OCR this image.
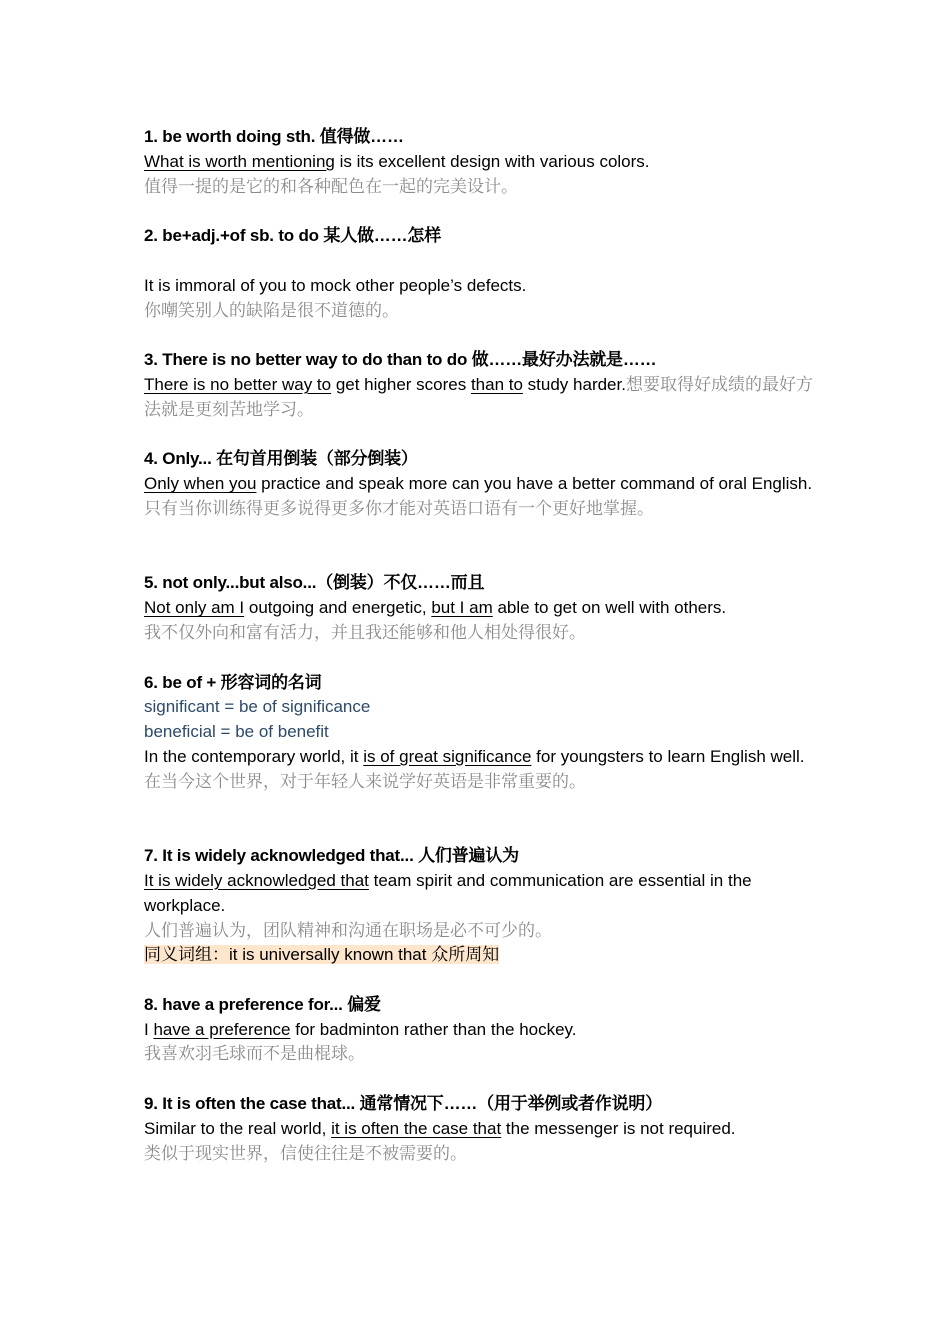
1. be worth doing sth. 值得做……

What is worth mentioning is its excellent design with various colors.

值得一提的是它的和各种配色在一起的完美设计。

2. be+adj.+of sb. to do 某人做……怎样

It is immoral of you to mock other people’s defects.

你嘲笑别人的缺陷是很不道德的。

3. There is no better way to do than to do 做……最好办法就是……

There is no better way to get higher scores than to study harder.想要取得好成绩的最好方法就是更刻苦地学习。

4. Only... 在句首用倒装（部分倒装）

Only when you practice and speak more can you have a better command of oral English.

只有当你训练得更多说得更多你才能对英语口语有一个更好地掌握。

5. not only...but also...（倒装）不仅……而且

Not only am I outgoing and energetic, but I am able to get on well with others.

我不仅外向和富有活力，并且我还能够和他人相处得很好。

6. be of + 形容词的名词

significant = be of significance

beneficial = be of benefit

In the contemporary world, it is of great significance for youngsters to learn English well.

在当今这个世界，对于年轻人来说学好英语是非常重要的。

7. It is widely acknowledged that... 人们普遍认为

It is widely acknowledged that team spirit and communication are essential in the workplace.

人们普遍认为，团队精神和沟通在职场是必不可少的。

同义词组：it is universally known that 众所周知

8. have a preference for... 偏爱

I have a preference for badminton rather than the hockey.

我喜欢羽毛球而不是曲棍球。

9. It is often the case that... 通常情况下……（用于举例或者作说明）

Similar to the real world, it is often the case that the messenger is not required.

类似于现实世界，信使往往是不被需要的。
